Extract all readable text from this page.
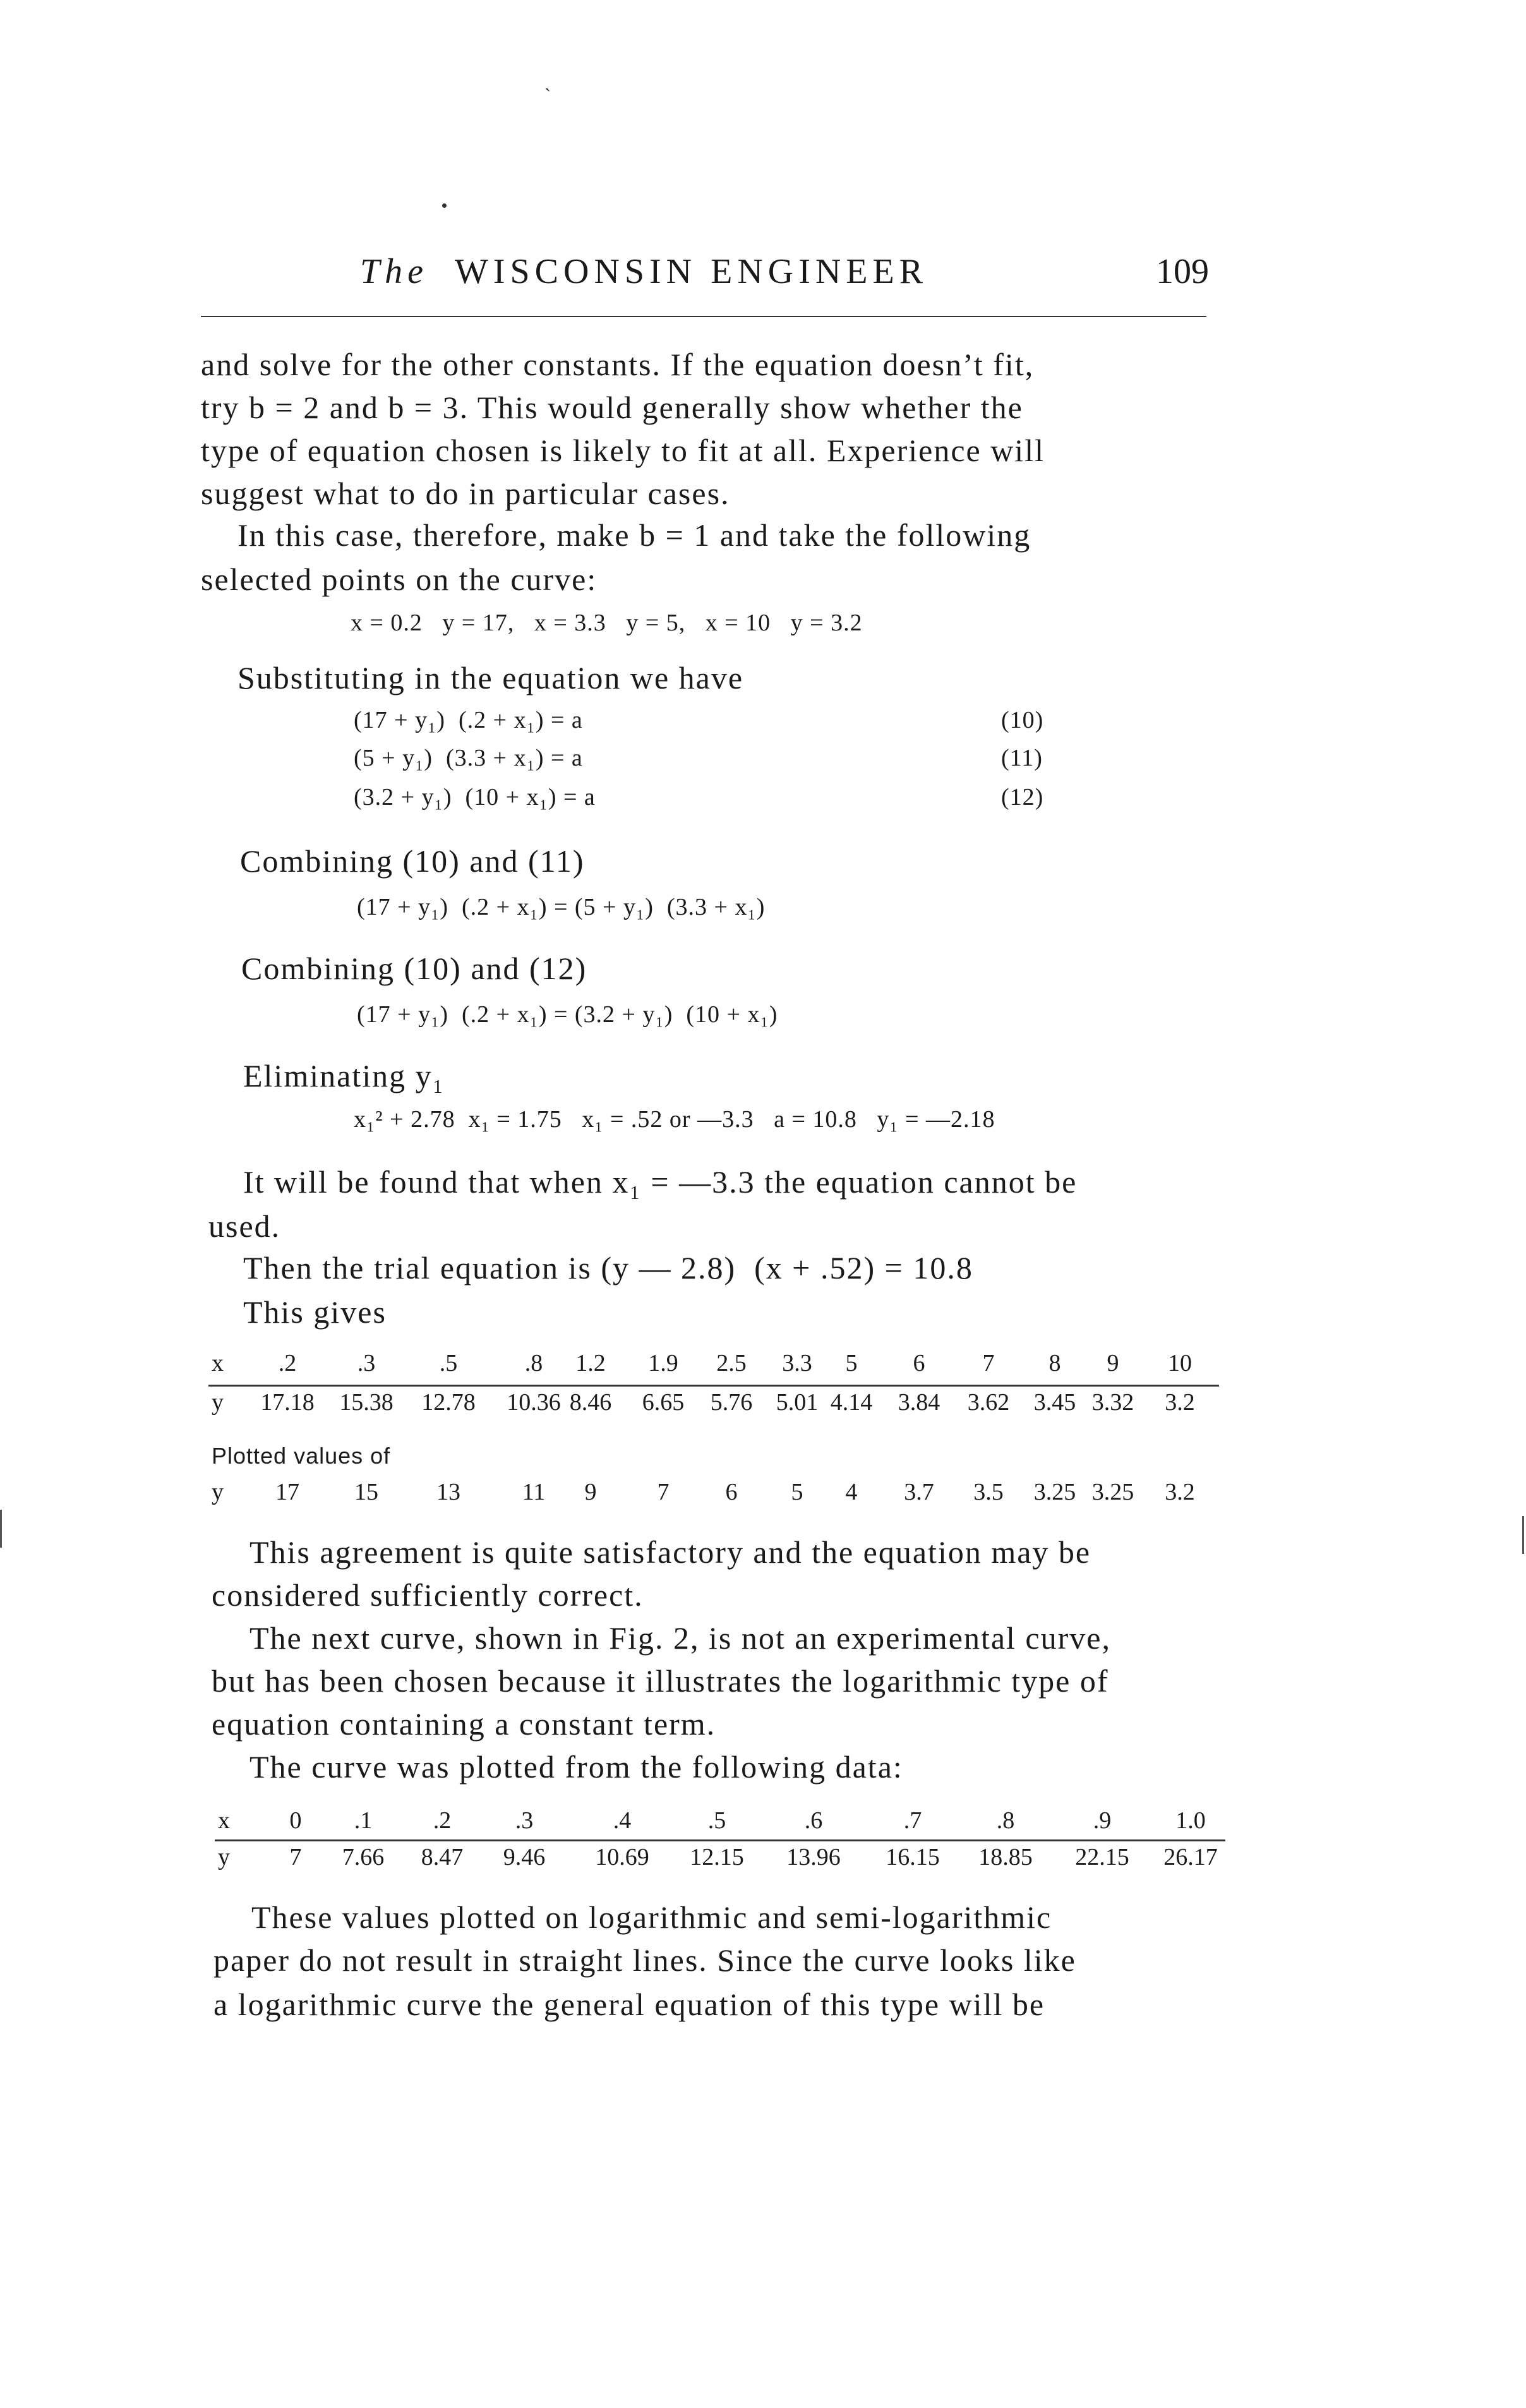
The WISCONSIN ENGINEER	109
ˏ
and solve for the other constants. If the equation doesn’t fit,
try b = 2 and b = 3. This would generally show whether the
type of equation chosen is likely to fit at all. Experience will
suggest what to do in particular cases.
In this case, therefore, make b = 1 and take the following
selected points on the curve:
x = 0.2   y = 17,   x = 3.3   y = 5,   x = 10   y = 3.2
Substituting in the equation we have
(17 + y₁)  (.2 + x₁) = a	(10)
(5 + y₁)  (3.3 + x₁) = a	(11)
(3.2 + y₁)  (10 + x₁) = a	(12)
Combining (10) and (11)
(17 + y₁)  (.2 + x₁) = (5 + y₁)  (3.3 + x₁)
Combining (10) and (12)
(17 + y₁)  (.2 + x₁) = (3.2 + y₁)  (10 + x₁)
Eliminating y₁
x₁² + 2.78  x₁ = 1.75   x₁ = .52 or —3.3   a = 10.8   y₁ = —2.18
It will be found that when x₁ = —3.3 the equation cannot be
used.
Then the trial equation is (y — 2.8)  (x + .52) = 10.8
This gives
x .2	.3	.5	.8 1.2 1.9 2.5 3.3 5 6 7 8 9 10
y 17.18 15.38 12.78 10.36 8.46 6.65 5.76 5.01 4.14 3.84 3.62 3.45 3.32 3.2
Plotted values of
y 17 15 13	11 9	7 6 5 4 3.7 3.5 3.25 3.25 3.2
This agreement is quite satisfactory and the equation may be
considered sufficiently correct.
The next curve, shown in Fig. 2, is not an experimental curve,
but has been chosen because it illustrates the logarithmic type of
equation containing a constant term.
The curve was plotted from the following data:
x 0 .1	.2	.3	.4	.5	.6	.7	.8	.9	1.0
y 7 7.66 8.47 9.46 10.69 12.15 13.96 16.15 18.85 22.15 26.17
These values plotted on logarithmic and semi-logarithmic
paper do not result in straight lines. Since the curve looks like
a logarithmic curve the general equation of this type will be
